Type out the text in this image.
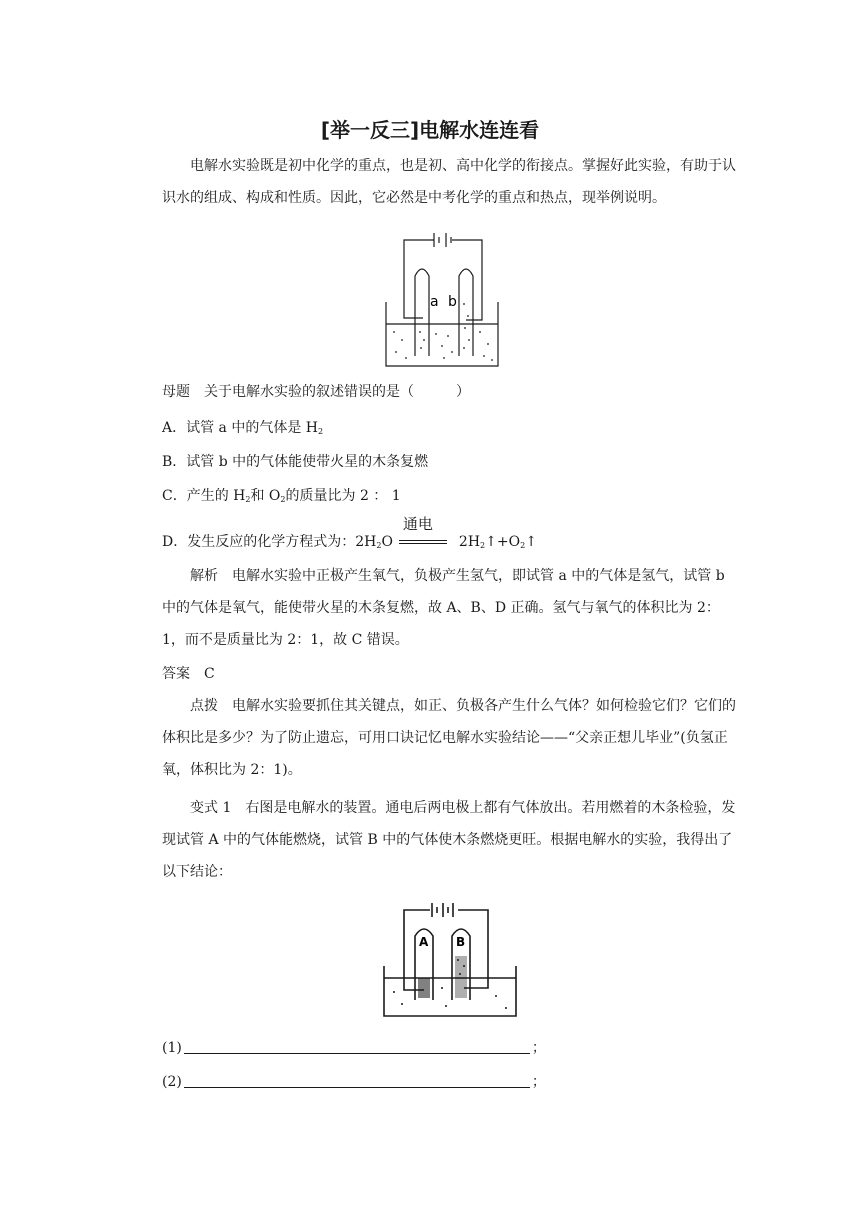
[举一反三]电解水连连看

电解水实验既是初中化学的重点，也是初、高中化学的衔接点。掌握好此实验，有助于认识水的组成、构成和性质。因此，它必然是中考化学的重点和热点，现举例说明。

a b
母题 关于电解水实验的叙述错误的是（　　　）
A．试管 a 中的气体是 $H_2$
B．试管 b 中的气体能使带火星的木条复燃
C．产生的 $H_2$和 $O_2$的质量比为 2 ： 1
D．发生反应的化学方程式为：$2H_2O$
通电
$2H_2↑+O_2↑$

解析 电解水实验中正极产生氧气，负极产生氢气，即试管 a 中的气体是氢气，试管 b 中的气体是氧气，能使带火星的木条复燃，故 A、B、D 正确。氢气与氧气的体积比为 2：1，而不是质量比为 2：1，故 C 错误。

答案 C

点拨 电解水实验要抓住其关键点，如正、负极各产生什么气体？如何检验它们？它们的体积比是多少？为了防止遗忘，可用口诀记忆电解水实验结论——“父亲正想儿毕业”(负氢正氧，体积比为 2：1)。

变式 1 右图是电解水的装置。通电后两电极上都有气体放出。若用燃着的木条检验，发现试管 A 中的气体能燃烧，试管 B 中的气体使木条燃烧更旺。根据电解水的实验，我得出了以下结论：

A B
(1)	；
(2)	；
